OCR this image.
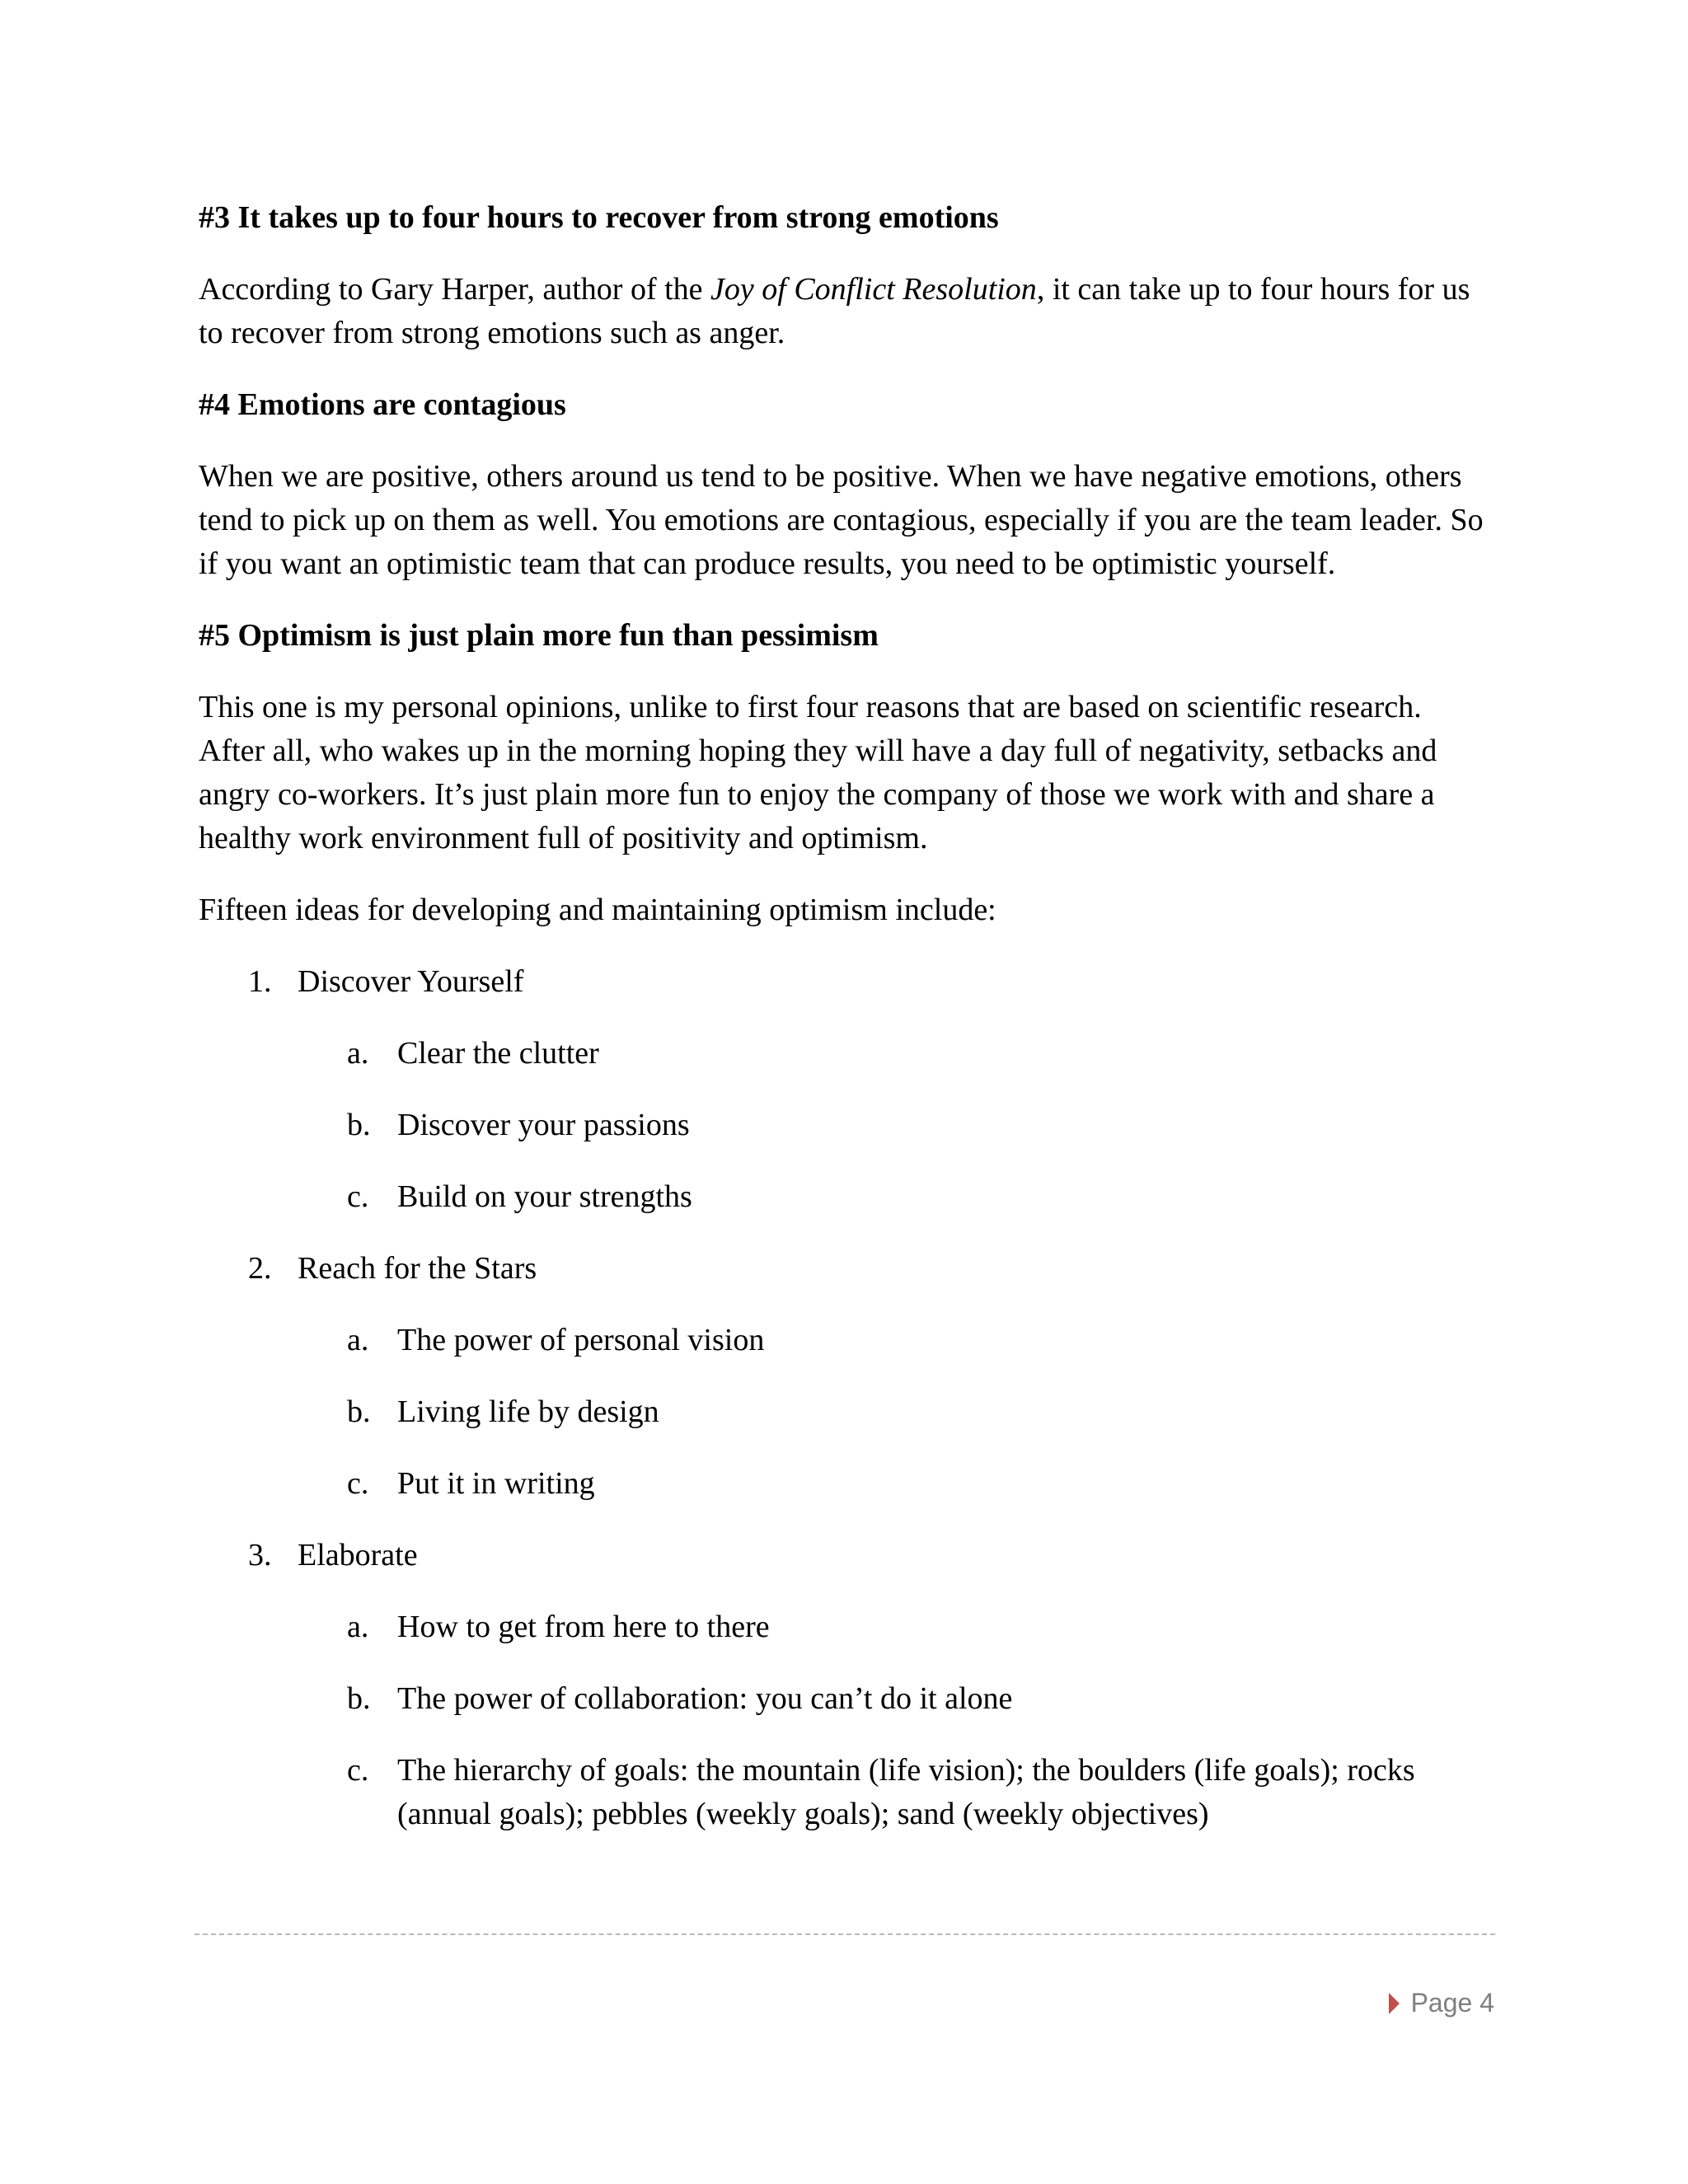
#3 It takes up to four hours to recover from strong emotions

According to Gary Harper, author of the Joy of Conflict Resolution, it can take up to four hours for us to recover from strong emotions such as anger.

#4 Emotions are contagious

When we are positive, others around us tend to be positive. When we have negative emotions, others tend to pick up on them as well. You emotions are contagious, especially if you are the team leader. So if you want an optimistic team that can produce results, you need to be optimistic yourself.

#5 Optimism is just plain more fun than pessimism

This one is my personal opinions, unlike to first four reasons that are based on scientific research. After all, who wakes up in the morning hoping they will have a day full of negativity, setbacks and angry co-workers. It’s just plain more fun to enjoy the company of those we work with and share a healthy work environment full of positivity and optimism.

Fifteen ideas for developing and maintaining optimism include:

1. Discover Yourself
a. Clear the clutter
b. Discover your passions
c. Build on your strengths
2. Reach for the Stars
a. The power of personal vision
b. Living life by design
c. Put it in writing
3. Elaborate
a. How to get from here to there
b. The power of collaboration: you can’t do it alone
c. The hierarchy of goals: the mountain (life vision); the boulders (life goals); rocks (annual goals); pebbles (weekly goals); sand (weekly objectives)
Page 4
